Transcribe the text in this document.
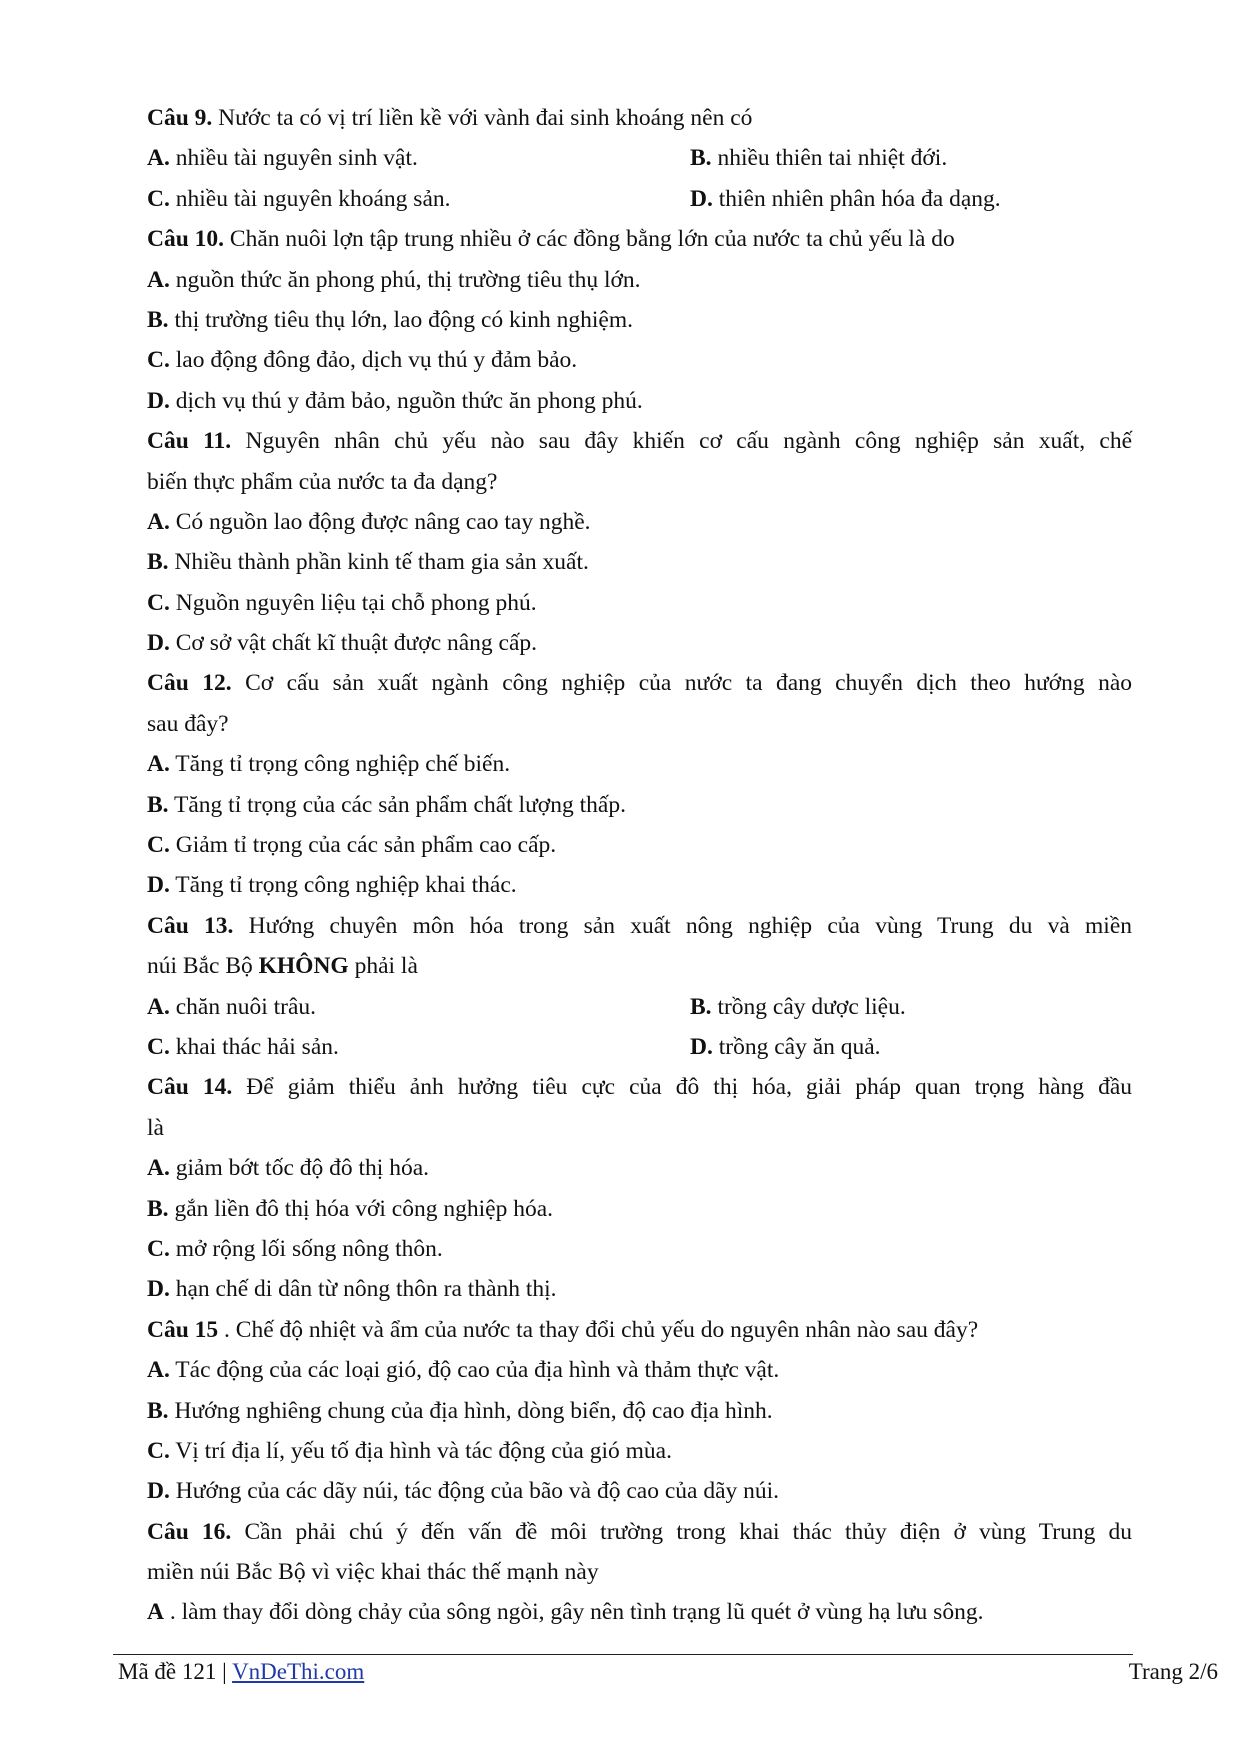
Câu 9. Nước ta có vị trí liền kề với vành đai sinh khoáng nên có
A. nhiều tài nguyên sinh vật.	B. nhiều thiên tai nhiệt đới.
C. nhiều tài nguyên khoáng sản.	D. thiên nhiên phân hóa đa dạng.
Câu 10. Chăn nuôi lợn tập trung nhiều ở các đồng bằng lớn của nước ta chủ yếu là do
A. nguồn thức ăn phong phú, thị trường tiêu thụ lớn.
B. thị trường tiêu thụ lớn, lao động có kinh nghiệm.
C. lao động đông đảo, dịch vụ thú y đảm bảo.
D. dịch vụ thú y đảm bảo, nguồn thức ăn phong phú.
Câu 11. Nguyên nhân chủ yếu nào sau đây khiến cơ cấu ngành công nghiệp sản xuất, chế
biến thực phẩm của nước ta đa dạng?
A. Có nguồn lao động được nâng cao tay nghề.
B. Nhiều thành phần kinh tế tham gia sản xuất.
C. Nguồn nguyên liệu tại chỗ phong phú.
D. Cơ sở vật chất kĩ thuật được nâng cấp.
Câu 12. Cơ cấu sản xuất ngành công nghiệp của nước ta đang chuyển dịch theo hướng nào
sau đây?
A. Tăng tỉ trọng công nghiệp chế biến.
B. Tăng tỉ trọng của các sản phẩm chất lượng thấp.
C. Giảm tỉ trọng của các sản phẩm cao cấp.
D. Tăng tỉ trọng công nghiệp khai thác.
Câu 13. Hướng chuyên môn hóa trong sản xuất nông nghiệp của vùng Trung du và miền
núi Bắc Bộ KHÔNG phải là
A. chăn nuôi trâu.	B. trồng cây dược liệu.
C. khai thác hải sản.	D. trồng cây ăn quả.
Câu 14. Để giảm thiểu ảnh hưởng tiêu cực của đô thị hóa, giải pháp quan trọng hàng đầu
là
A. giảm bớt tốc độ đô thị hóa.
B. gắn liền đô thị hóa với công nghiệp hóa.
C. mở rộng lối sống nông thôn.
D. hạn chế di dân từ nông thôn ra thành thị.
Câu 15 . Chế độ nhiệt và ẩm của nước ta thay đổi chủ yếu do nguyên nhân nào sau đây?
A. Tác động của các loại gió, độ cao của địa hình và thảm thực vật.
B. Hướng nghiêng chung của địa hình, dòng biển, độ cao địa hình.
C. Vị trí địa lí, yếu tố địa hình và tác động của gió mùa.
D. Hướng của các dãy núi, tác động của bão và độ cao của dãy núi.
Câu 16. Cần phải chú ý đến vấn đề môi trường trong khai thác thủy điện ở vùng Trung du
miền núi Bắc Bộ vì việc khai thác thế mạnh này
A . làm thay đổi dòng chảy của sông ngòi, gây nên tình trạng lũ quét ở vùng hạ lưu sông.
Mã đề 121 | VnDeThi.com	Trang 2/6
